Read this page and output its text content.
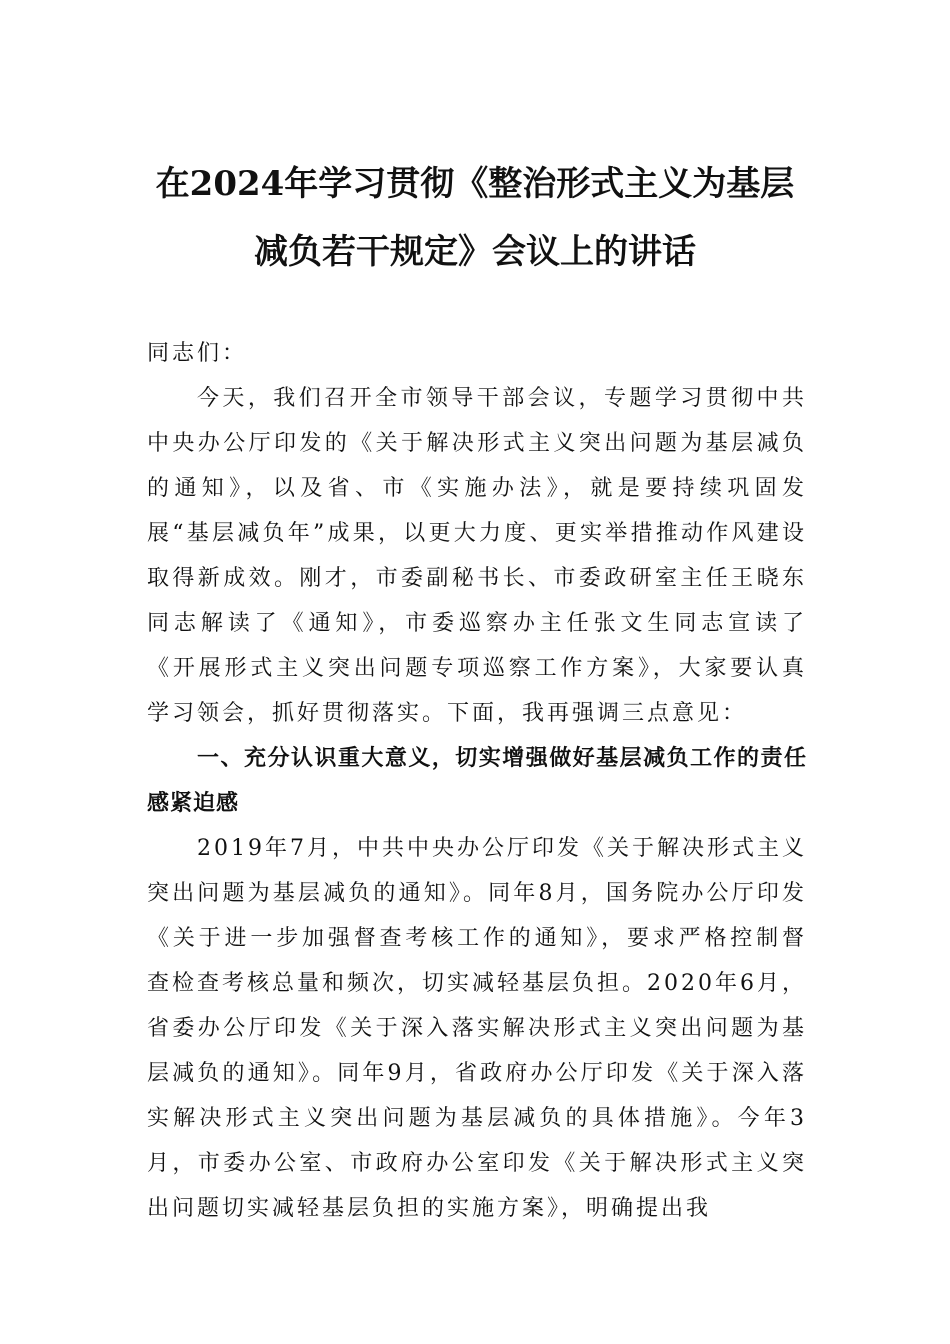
在2024年学习贯彻《整治形式主义为基层
减负若干规定》会议上的讲话

同志们：

今天，我们召开全市领导干部会议，专题学习贯彻中共中央办公厅印发的《关于解决形式主义突出问题为基层减负的通知》，以及省、市《实施办法》，就是要持续巩固发展“基层减负年”成果，以更大力度、更实举措推动作风建设取得新成效。刚才，市委副秘书长、市委政研室主任王晓东同志解读了《通知》，市委巡察办主任张文生同志宣读了《开展形式主义突出问题专项巡察工作方案》，大家要认真学习领会，抓好贯彻落实。下面，我再强调三点意见：

一、充分认识重大意义，切实增强做好基层减负工作的责任感紧迫感

2019年7月，中共中央办公厅印发《关于解决形式主义突出问题为基层减负的通知》。同年8月，国务院办公厅印发《关于进一步加强督查考核工作的通知》，要求严格控制督查检查考核总量和频次，切实减轻基层负担。2020年6月，省委办公厅印发《关于深入落实解决形式主义突出问题为基层减负的通知》。同年9月，省政府办公厅印发《关于深入落实解决形式主义突出问题为基层减负的具体措施》。今年3月，市委办公室、市政府办公室印发《关于解决形式主义突出问题切实减轻基层负担的实施方案》，明确提出我
